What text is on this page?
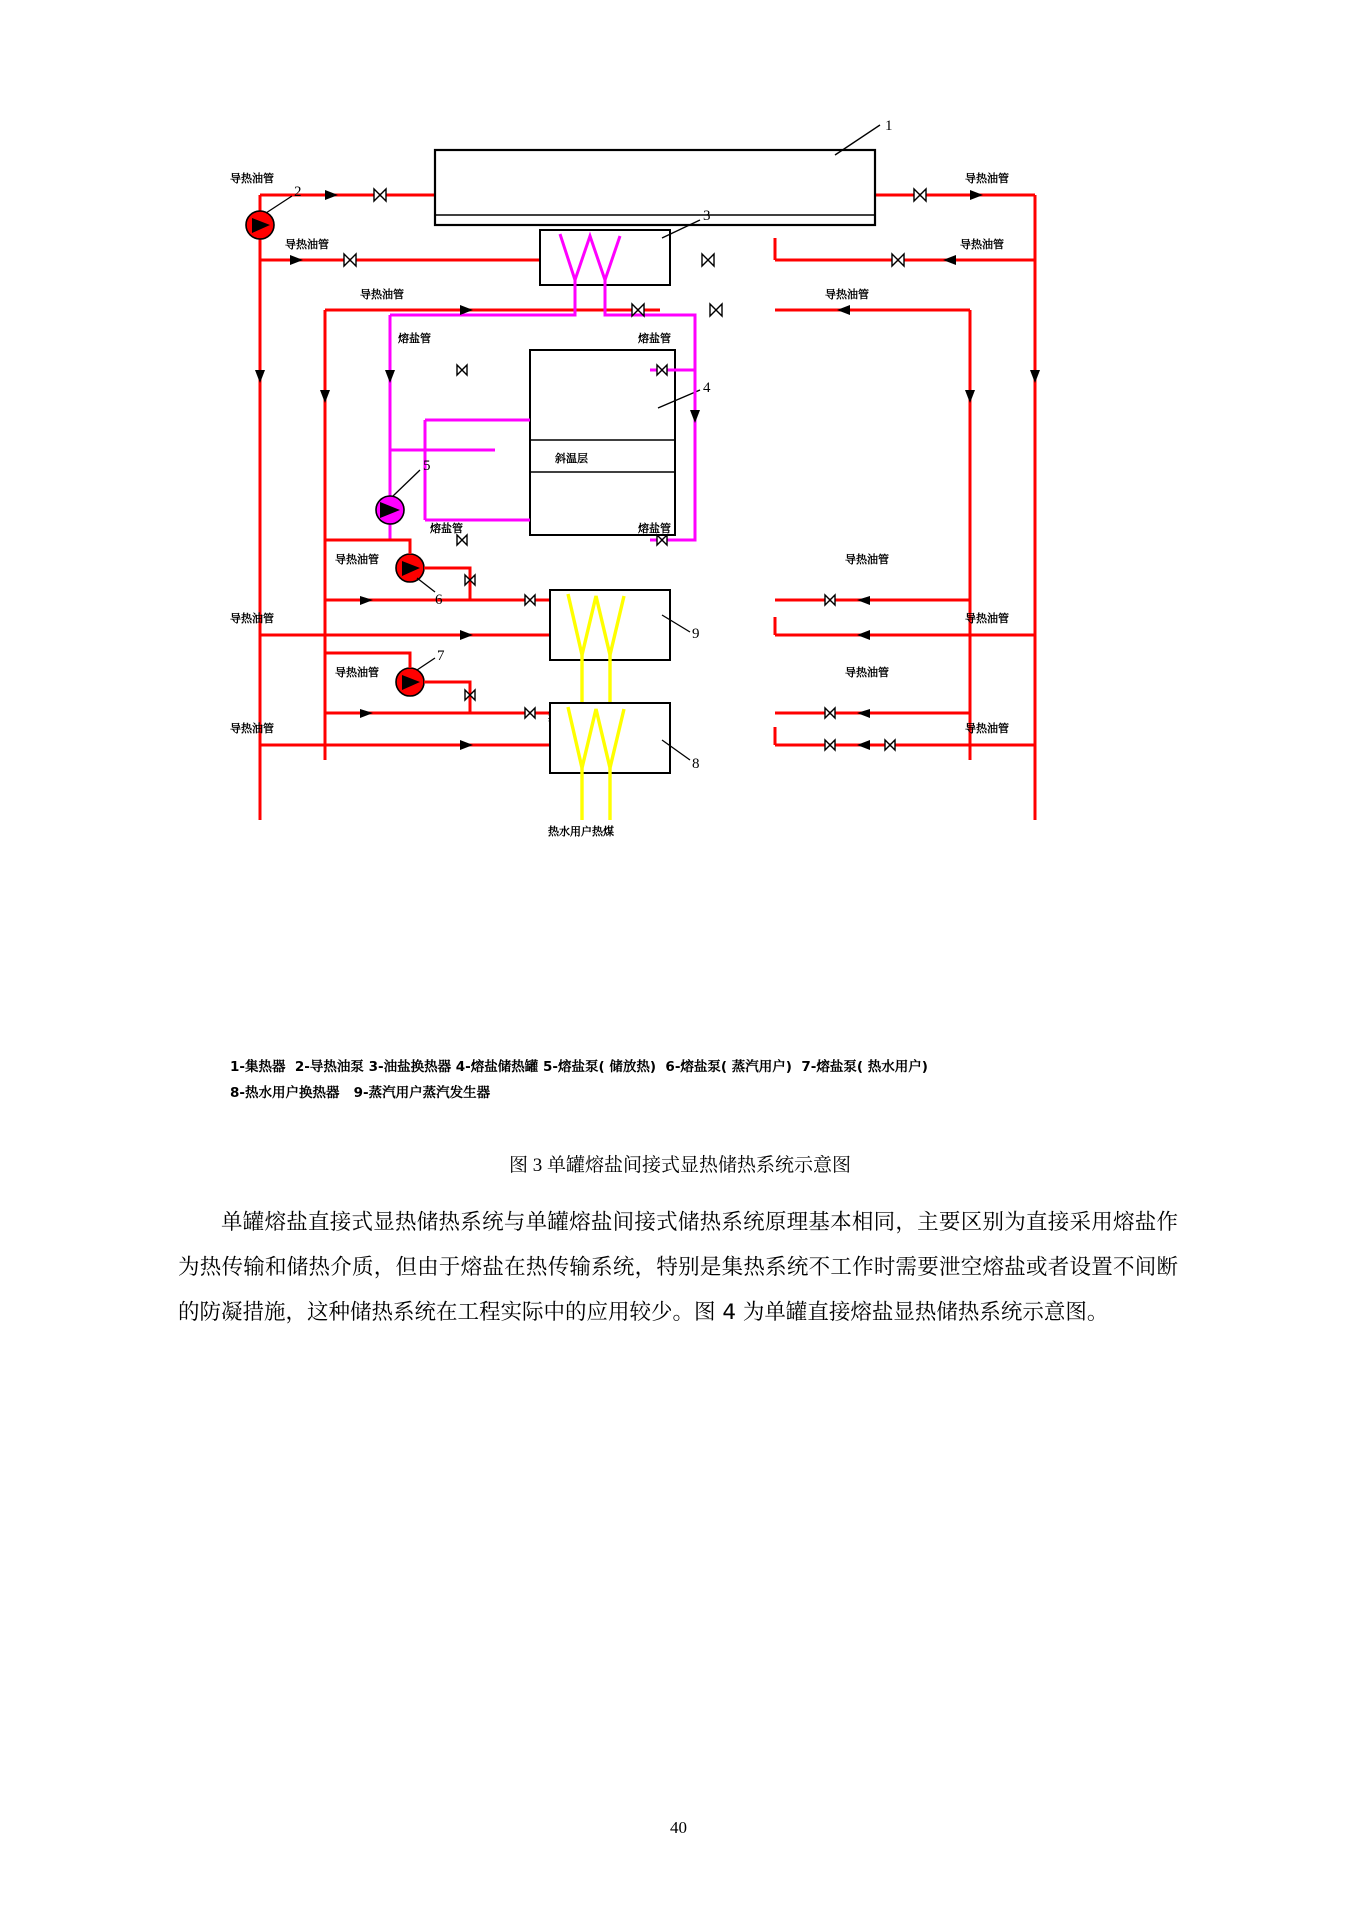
1
3
斜温层
4
9
8
热水用户热煤
5
2
6
7
导热油管	导热油管
导热油管	导热油管
导热油管	导热油管
熔盐管	熔盐管
熔盐管	熔盐管
导热油管	导热油管
导热油管	导热油管
导热油管	导热油管
导热油管	导热油管
1-集热器  2-导热油泵 3-油盐换热器 4-熔盐储热罐 5-熔盐泵( 储放热)  6-熔盐泵( 蒸汽用户)  7-熔盐泵( 热水用户)
8-热水用户换热器   9-蒸汽用户蒸汽发生器
图 3 单罐熔盐间接式显热储热系统示意图

单罐熔盐直接式显热储热系统与单罐熔盐间接式储热系统原理基本相同，主要区别为直接采用熔盐作为热传输和储热介质，但由于熔盐在热传输系统，特别是集热系统不工作时需要泄空熔盐或者设置不间断的防凝措施，这种储热系统在工程实际中的应用较少。图 4 为单罐直接熔盐显热储热系统示意图。

40
